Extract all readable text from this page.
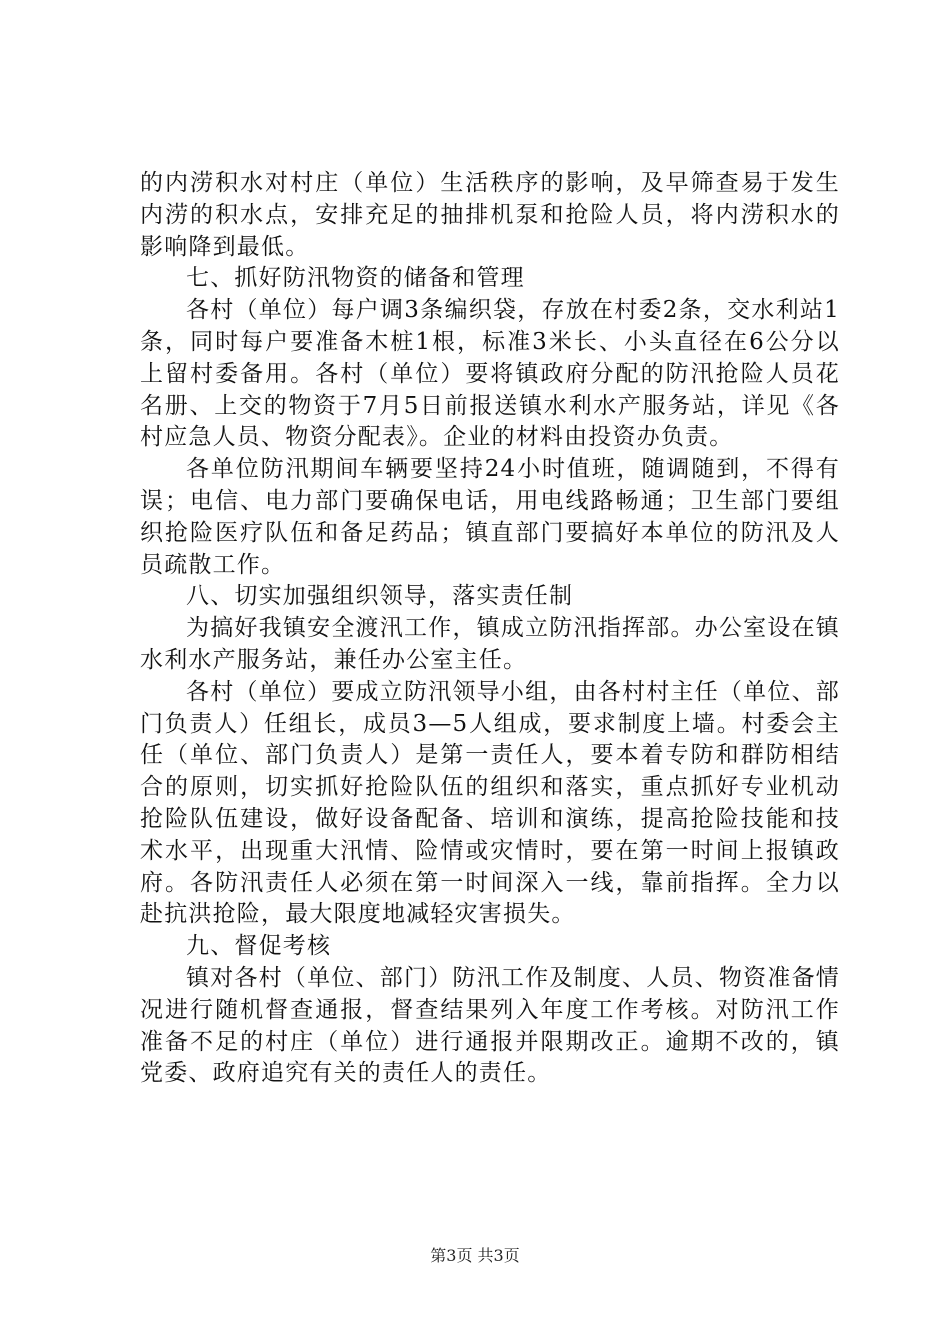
的内涝积水对村庄（单位）生活秩序的影响，及早筛查易于发生内涝的积水点，安排充足的抽排机泵和抢险人员，将内涝积水的影响降到最低。

七、抓好防汛物资的储备和管理

各村（单位）每户调3条编织袋，存放在村委2条，交水利站1条，同时每户要准备木桩1根，标准3米长、小头直径在6公分以上留村委备用。各村（单位）要将镇政府分配的防汛抢险人员花名册、上交的物资于7月5日前报送镇水利水产服务站，详见《各村应急人员、物资分配表》。企业的材料由投资办负责。

各单位防汛期间车辆要坚持24小时值班，随调随到，不得有误；电信、电力部门要确保电话，用电线路畅通；卫生部门要组织抢险医疗队伍和备足药品；镇直部门要搞好本单位的防汛及人员疏散工作。

八、切实加强组织领导，落实责任制

为搞好我镇安全渡汛工作，镇成立防汛指挥部。办公室设在镇水利水产服务站，兼任办公室主任。

各村（单位）要成立防汛领导小组，由各村村主任（单位、部门负责人）任组长，成员3—5人组成，要求制度上墙。村委会主任（单位、部门负责人）是第一责任人，要本着专防和群防相结合的原则，切实抓好抢险队伍的组织和落实，重点抓好专业机动抢险队伍建设，做好设备配备、培训和演练，提高抢险技能和技术水平，出现重大汛情、险情或灾情时，要在第一时间上报镇政府。各防汛责任人必须在第一时间深入一线，靠前指挥。全力以赴抗洪抢险，最大限度地减轻灾害损失。

九、督促考核

镇对各村（单位、部门）防汛工作及制度、人员、物资准备情况进行随机督查通报，督查结果列入年度工作考核。对防汛工作准备不足的村庄（单位）进行通报并限期改正。逾期不改的，镇党委、政府追究有关的责任人的责任。

第3页 共3页
